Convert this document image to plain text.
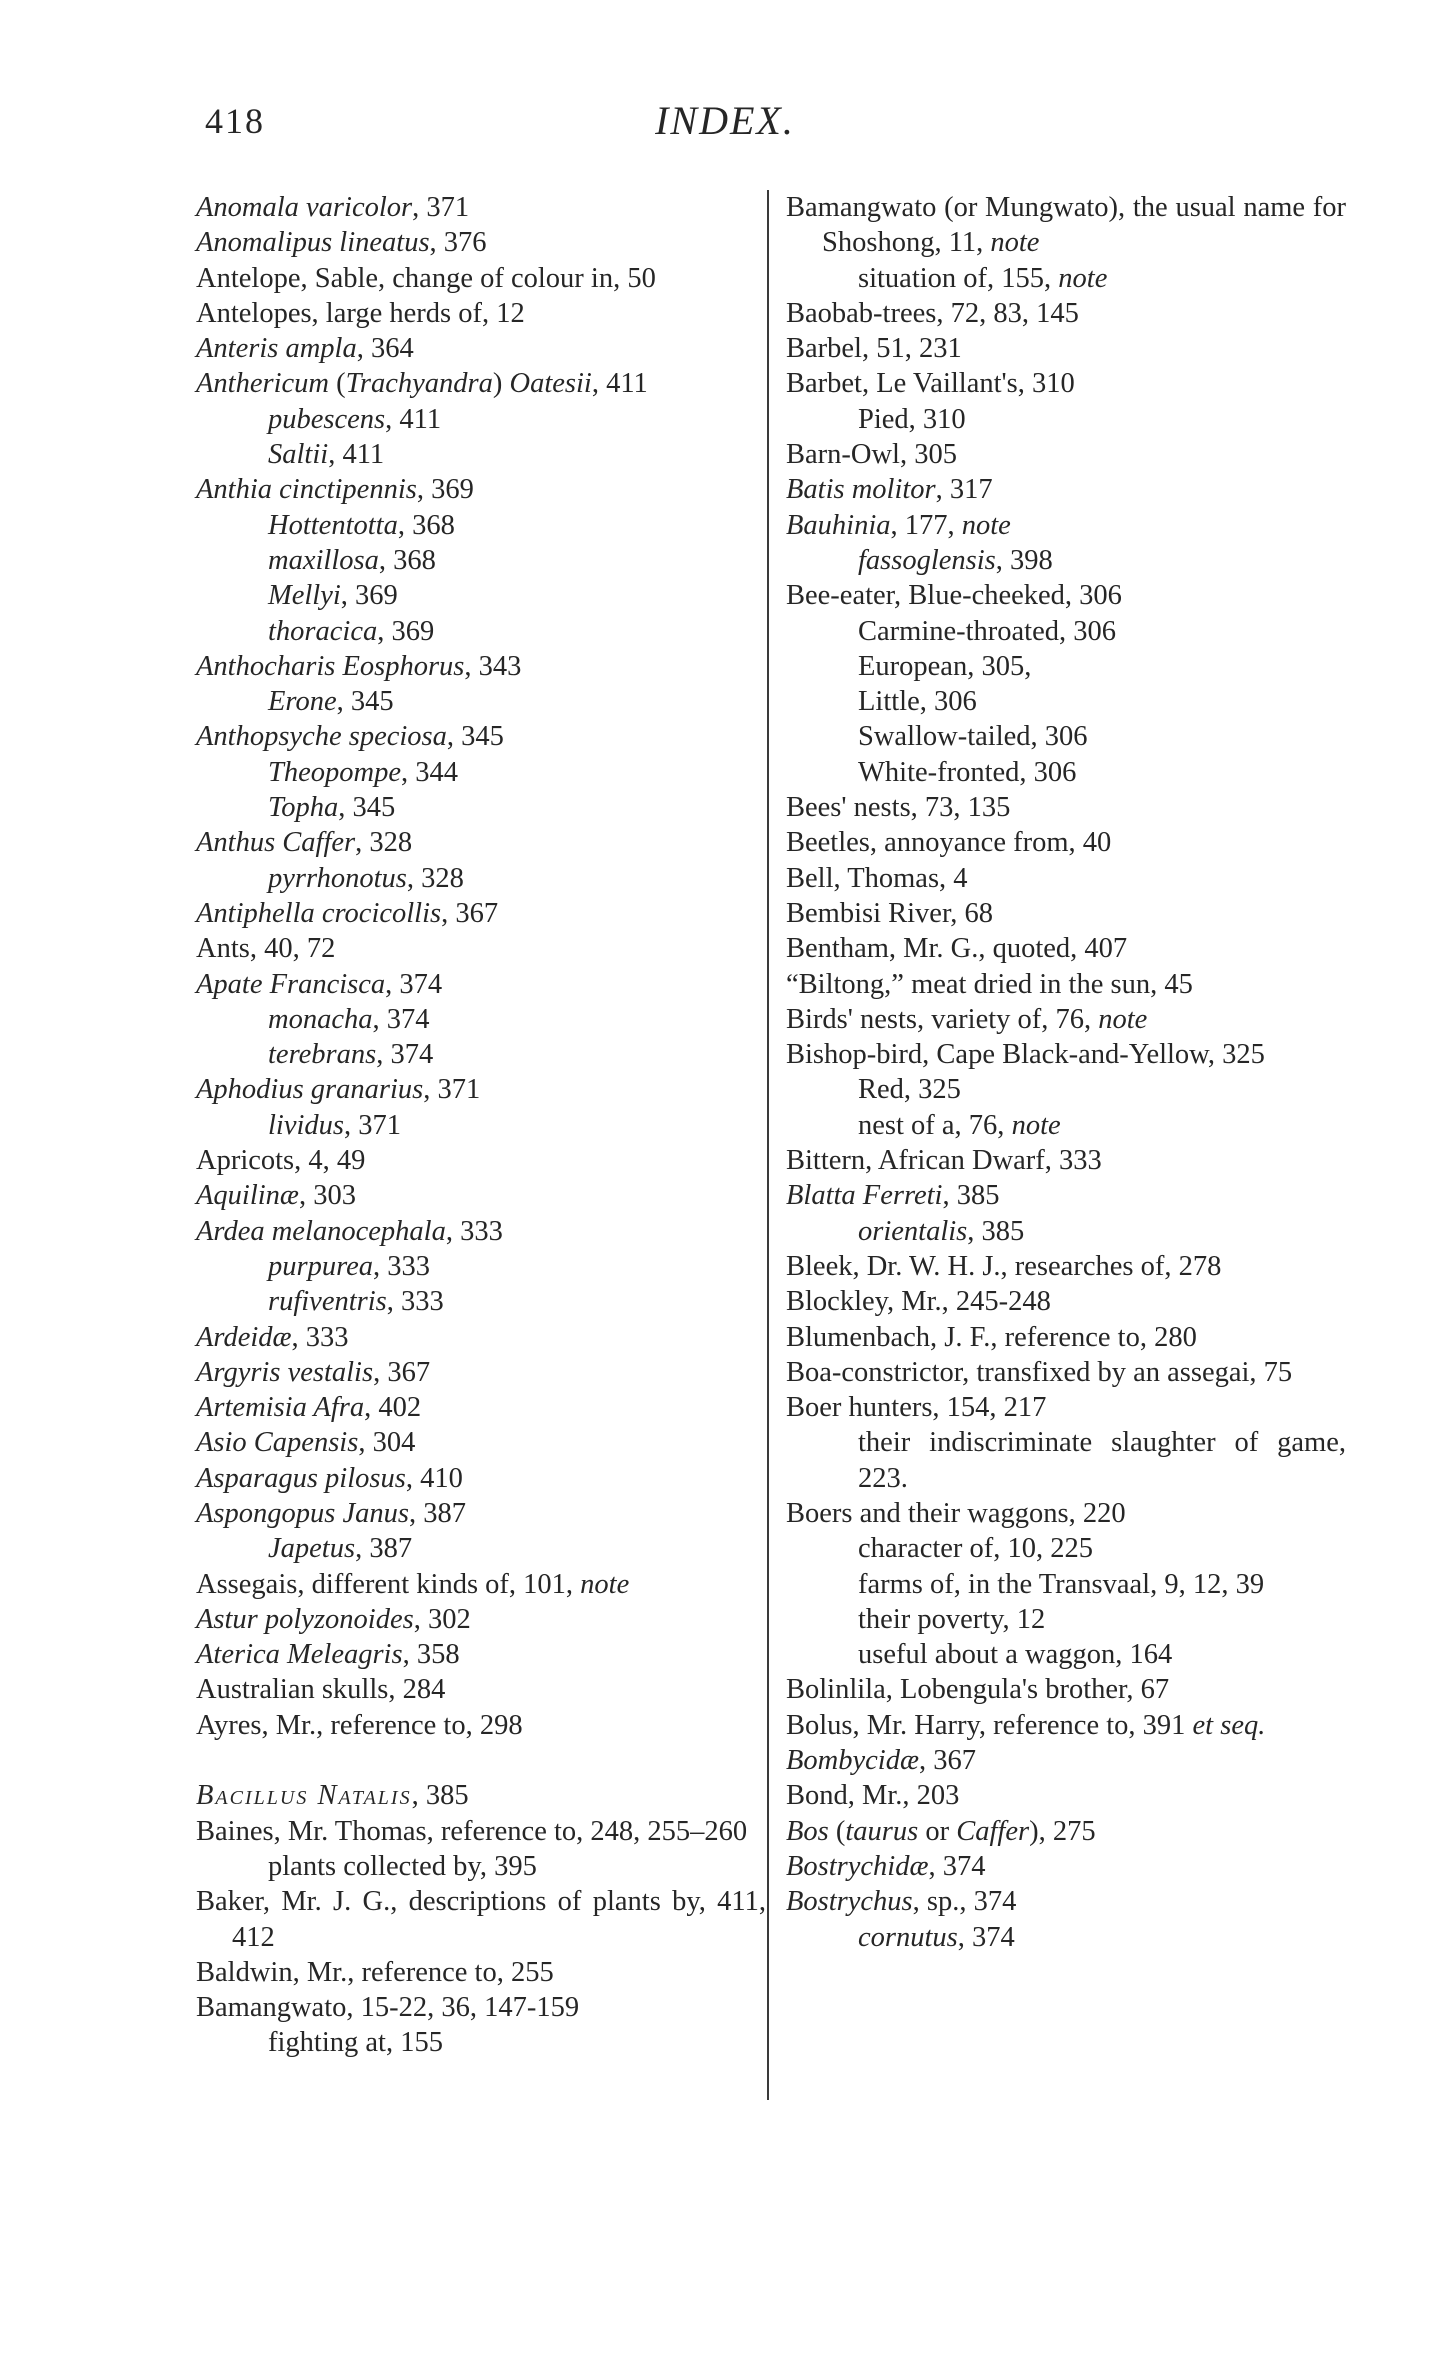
418	INDEX.

Anomala varicolor, 371

Anomalipus lineatus, 376

Antelope, Sable, change of colour in, 50

Antelopes, large herds of, 12

Anteris ampla, 364

Anthericum (Trachyandra) Oatesii, 411

pubescens, 411

Saltii, 411

Anthia cinctipennis, 369

Hottentotta, 368

maxillosa, 368

Mellyi, 369

thoracica, 369

Anthocharis Eosphorus, 343

Erone, 345

Anthopsyche speciosa, 345

Theopompe, 344

Topha, 345

Anthus Caffer, 328

pyrrhonotus, 328

Antiphella crocicollis, 367

Ants, 40, 72

Apate Francisca, 374

monacha, 374

terebrans, 374

Aphodius granarius, 371

lividus, 371

Apricots, 4, 49

Aquilinæ, 303

Ardea melanocephala, 333

purpurea, 333

rufiventris, 333

Ardeidæ, 333

Argyris vestalis, 367

Artemisia Afra, 402

Asio Capensis, 304

Asparagus pilosus, 410

Aspongopus Janus, 387

Japetus, 387

Assegais, different kinds of, 101, note

Astur polyzonoides, 302

Aterica Meleagris, 358

Australian skulls, 284

Ayres, Mr., reference to, 298

Bacillus Natalis, 385

Baines, Mr. Thomas, reference to, 248, 255–260

plants collected by, 395

Baker, Mr. J. G., descriptions of plants by, 411, 412

Baldwin, Mr., reference to, 255

Bamangwato, 15-22, 36, 147-159

fighting at, 155

Bamangwato (or Mungwato), the usual name for Shoshong, 11, note

situation of, 155, note

Baobab-trees, 72, 83, 145

Barbel, 51, 231

Barbet, Le Vaillant's, 310

Pied, 310

Barn-Owl, 305

Batis molitor, 317

Bauhinia, 177, note

fassoglensis, 398

Bee-eater, Blue-cheeked, 306

Carmine-throated, 306

European, 305,

Little, 306

Swallow-tailed, 306

White-fronted, 306

Bees' nests, 73, 135

Beetles, annoyance from, 40

Bell, Thomas, 4

Bembisi River, 68

Bentham, Mr. G., quoted, 407

“Biltong,” meat dried in the sun, 45

Birds' nests, variety of, 76, note

Bishop-bird, Cape Black-and-Yellow, 325

Red, 325

nest of a, 76, note

Bittern, African Dwarf, 333

Blatta Ferreti, 385

orientalis, 385

Bleek, Dr. W. H. J., researches of, 278

Blockley, Mr., 245-248

Blumenbach, J. F., reference to, 280

Boa-constrictor, transfixed by an assegai, 75

Boer hunters, 154, 217

their indiscriminate slaughter of game, 223.

Boers and their waggons, 220

character of, 10, 225

farms of, in the Transvaal, 9, 12, 39

their poverty, 12

useful about a waggon, 164

Bolinlila, Lobengula's brother, 67

Bolus, Mr. Harry, reference to, 391 et seq.

Bombycidæ, 367

Bond, Mr., 203

Bos (taurus or Caffer), 275

Bostrychidæ, 374

Bostrychus, sp., 374

cornutus, 374
